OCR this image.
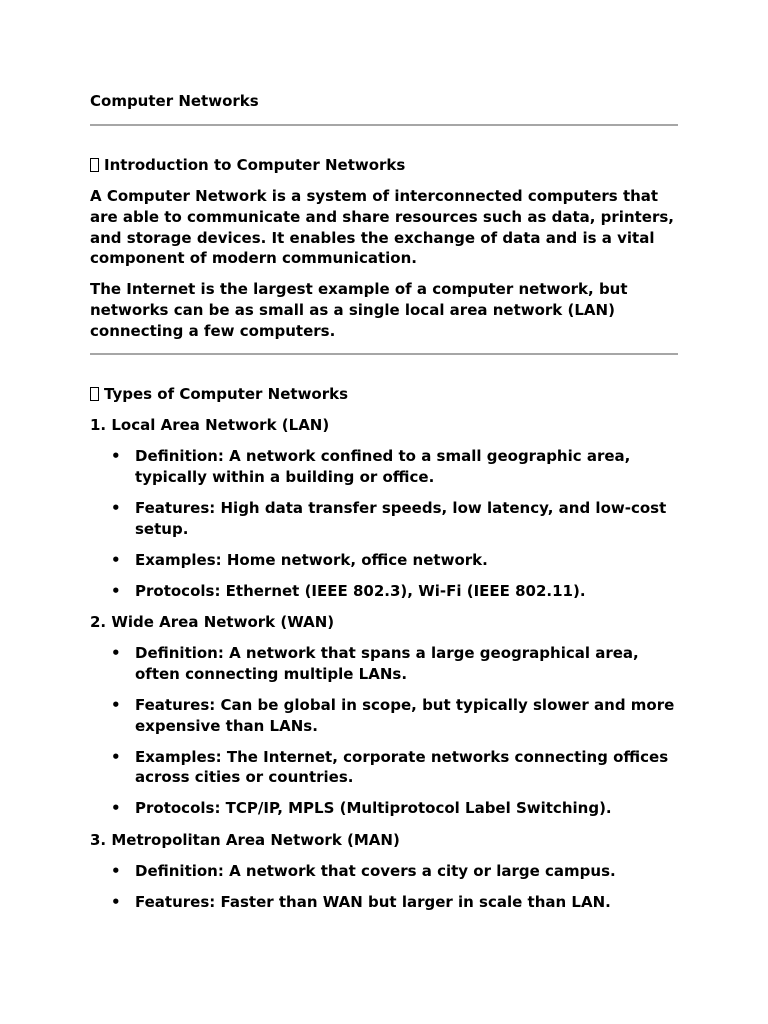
Computer Networks
Introduction to Computer Networks

A Computer Network is a system of interconnected computers that are able to communicate and share resources such as data, printers, and storage devices. It enables the exchange of data and is a vital component of modern communication.

The Internet is the largest example of a computer network, but networks can be as small as a single local area network (LAN) connecting a few computers.

Types of Computer Networks
1. Local Area Network (LAN)
• Definition: A network confined to a small geographic area, typically within a building or office.
• Features: High data transfer speeds, low latency, and low-cost setup.
• Examples: Home network, office network.
• Protocols: Ethernet (IEEE 802.3), Wi-Fi (IEEE 802.11).
2. Wide Area Network (WAN)
• Definition: A network that spans a large geographical area, often connecting multiple LANs.
• Features: Can be global in scope, but typically slower and more expensive than LANs.
• Examples: The Internet, corporate networks connecting offices across cities or countries.
• Protocols: TCP/IP, MPLS (Multiprotocol Label Switching).
3. Metropolitan Area Network (MAN)
• Definition: A network that covers a city or large campus.
• Features: Faster than WAN but larger in scale than LAN.
